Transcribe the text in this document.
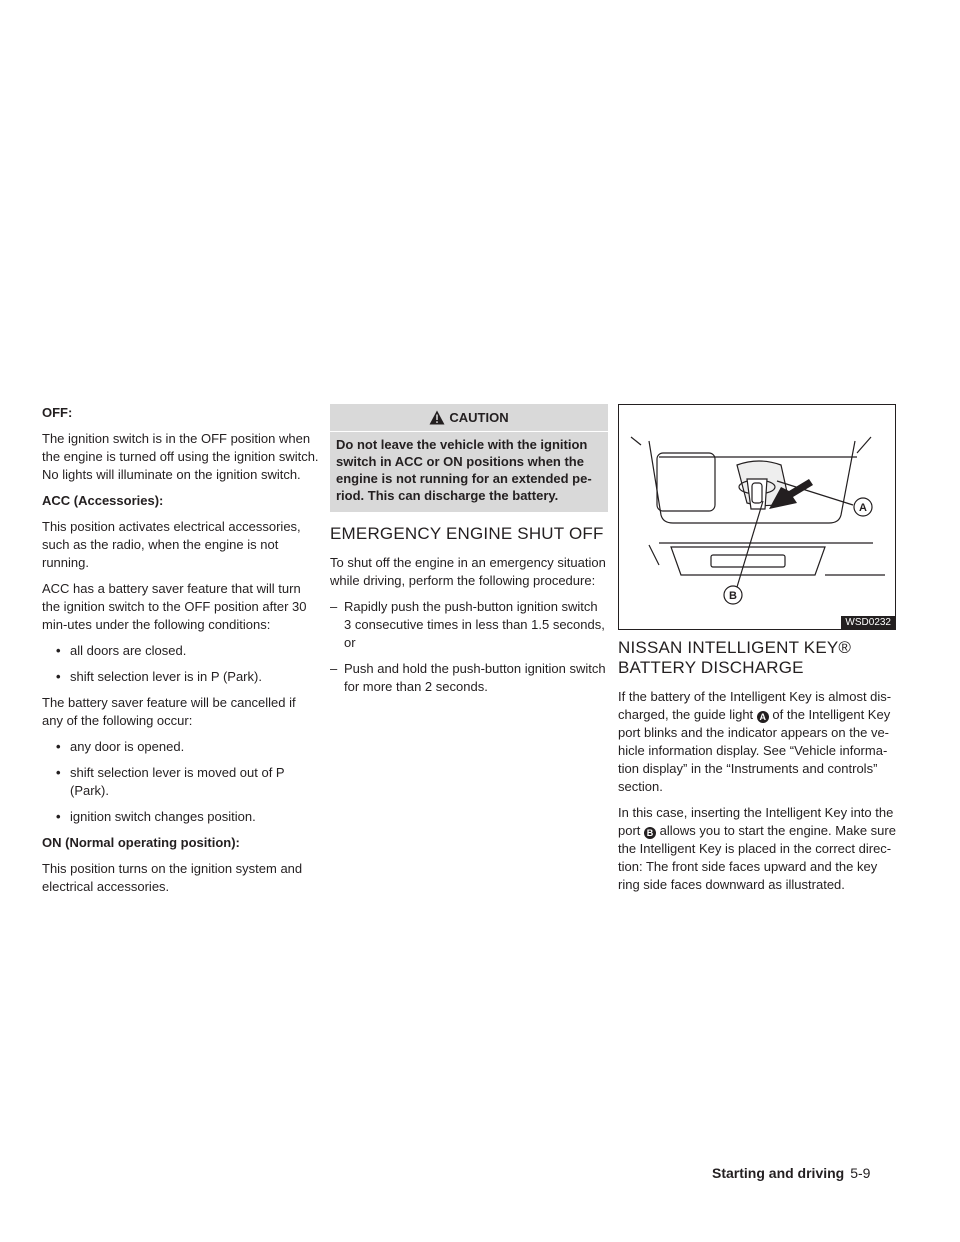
OFF:

The ignition switch is in the OFF position when the engine is turned off using the ignition switch. No lights will illuminate on the ignition switch.

ACC (Accessories):

This position activates electrical accessories, such as the radio, when the engine is not running.

ACC has a battery saver feature that will turn the ignition switch to the OFF position after 30 min-utes under the following conditions:

• all doors are closed.
• shift selection lever is in P (Park).

The battery saver feature will be cancelled if any of the following occur:

• any door is opened.
• shift selection lever is moved out of P (Park).
• ignition switch changes position.
ON (Normal operating position):

This position turns on the ignition system and electrical accessories.

CAUTION
Do not leave the vehicle with the ignition switch in ACC or ON positions when the engine is not running for an extended pe-riod. This can discharge the battery.
EMERGENCY ENGINE SHUT OFF

To shut off the engine in an emergency situation while driving, perform the following procedure:

– Rapidly push the push-button ignition switch 3 consecutive times in less than 1.5 seconds, or
– Push and hold the push-button ignition switch for more than 2 seconds.
A
B
WSD0232
NISSAN INTELLIGENT KEY®
BATTERY DISCHARGE

If the battery of the Intelligent Key is almost dis-charged, the guide light A of the Intelligent Key port blinks and the indicator appears on the ve-hicle information display. See “Vehicle informa-tion display” in the “Instruments and controls” section.

In this case, inserting the Intelligent Key into the port B allows you to start the engine. Make sure the Intelligent Key is placed in the correct direc-tion: The front side faces upward and the key ring side faces downward as illustrated.

Starting and driving 5-9
